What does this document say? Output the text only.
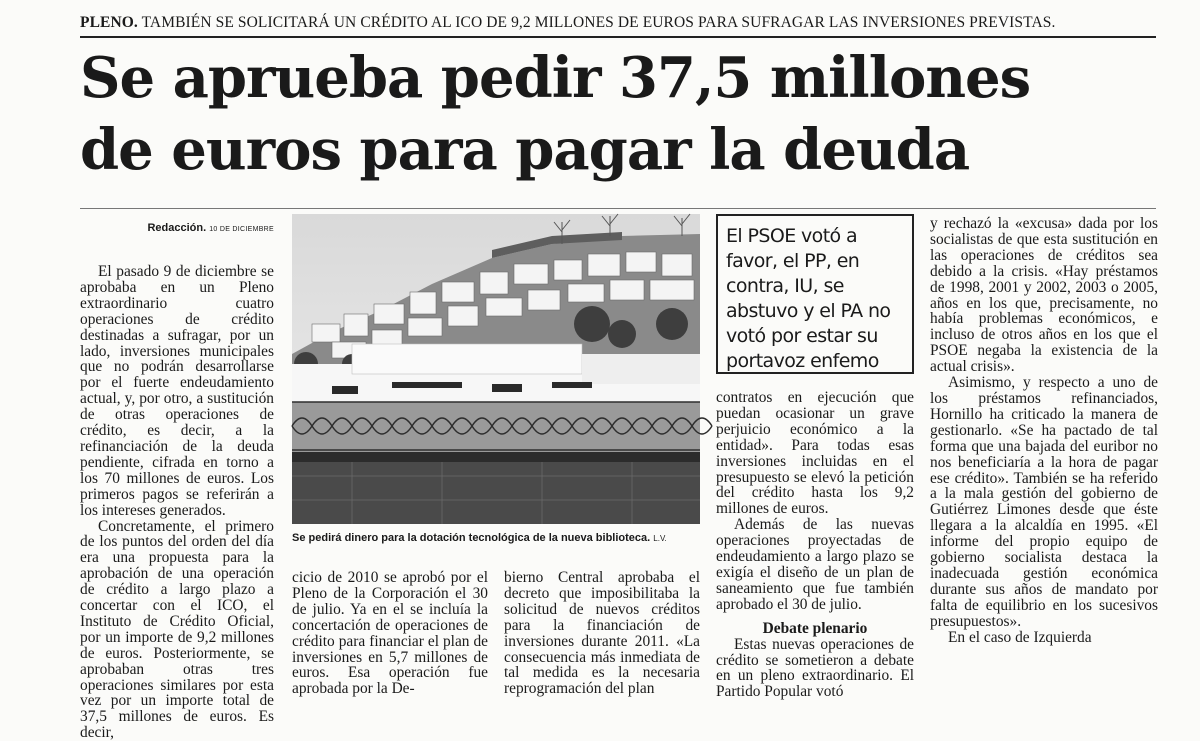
PLENO. TAMBIÉN SE SOLICITARÁ UN CRÉDITO AL ICO DE 9,2 MILLONES DE EUROS PARA SUFRAGAR LAS INVERSIONES PREVISTAS.
Se aprueba pedir 37,5 millones
de euros para pagar la deuda
Redacción. 10 DE DICIEMBRE

El pasado 9 de diciembre se aprobaba en un Pleno extraordinario cuatro operaciones de crédito destinadas a sufragar, por un lado, inversiones municipales que no podrán desarrollarse por el fuerte endeudamiento actual, y, por otro, a sustitución de otras operaciones de crédito, es decir, a la refinanciación de la deuda pendiente, cifrada en torno a los 70 millones de euros. Los primeros pagos se referirán a los intereses generados.

Concretamente, el primero de los puntos del orden del día era una propuesta para la aprobación de una operación de crédito a largo plazo a concertar con el ICO, el Instituto de Crédito Oficial, por un importe de 9,2 millones de euros. Posteriormente, se aprobaban otras tres operaciones similares por esta vez por un importe total de 37,5 millones de euros. Es decir,

Se pedirá dinero para la dotación tecnológica de la nueva biblioteca. L.V.

cicio de 2010 se aprobó por el Pleno de la Corporación el 30 de julio. Ya en el se incluía la concertación de operaciones de crédito para financiar el plan de inversiones en 5,7 millones de euros. Esa operación fue aprobada por la De-

bierno Central aprobaba el decreto que imposibilitaba la solicitud de nuevos créditos para la financiación de inversiones durante 2011. «La consecuencia más inmediata de tal medida es la necesaria reprogramación del plan

El PSOE votó a favor, el PP, en contra, IU, se abstuvo y el PA no votó por estar su portavoz enfemo

contratos en ejecución que puedan ocasionar un grave perjuicio económico a la entidad». Para todas esas inversiones incluidas en el presupuesto se elevó la petición del crédito hasta los 9,2 millones de euros.

Además de las nuevas operaciones proyectadas de endeudamiento a largo plazo se exigía el diseño de un plan de saneamiento que fue también aprobado el 30 de julio.

Debate plenario

Estas nuevas operaciones de crédito se sometieron a debate en un pleno extraordinario. El Partido Popular votó

y rechazó la «excusa» dada por los socialistas de que esta sustitución en las operaciones de créditos sea debido a la crisis. «Hay préstamos de 1998, 2001 y 2002, 2003 o 2005, años en los que, precisamente, no había problemas económicos, e incluso de otros años en los que el PSOE negaba la existencia de la actual crisis».

Asimismo, y respecto a uno de los préstamos refinanciados, Hornillo ha criticado la manera de gestionarlo. «Se ha pactado de tal forma que una bajada del euribor no nos beneficiaría a la hora de pagar ese crédito». También se ha referido a la mala gestión del gobierno de Gutiérrez Limones desde que éste llegara a la alcaldía en 1995. «El informe del propio equipo de gobierno socialista destaca la inadecuada gestión económica durante sus años de mandato por falta de equilibrio en los sucesivos presupuestos».

En el caso de Izquierda
